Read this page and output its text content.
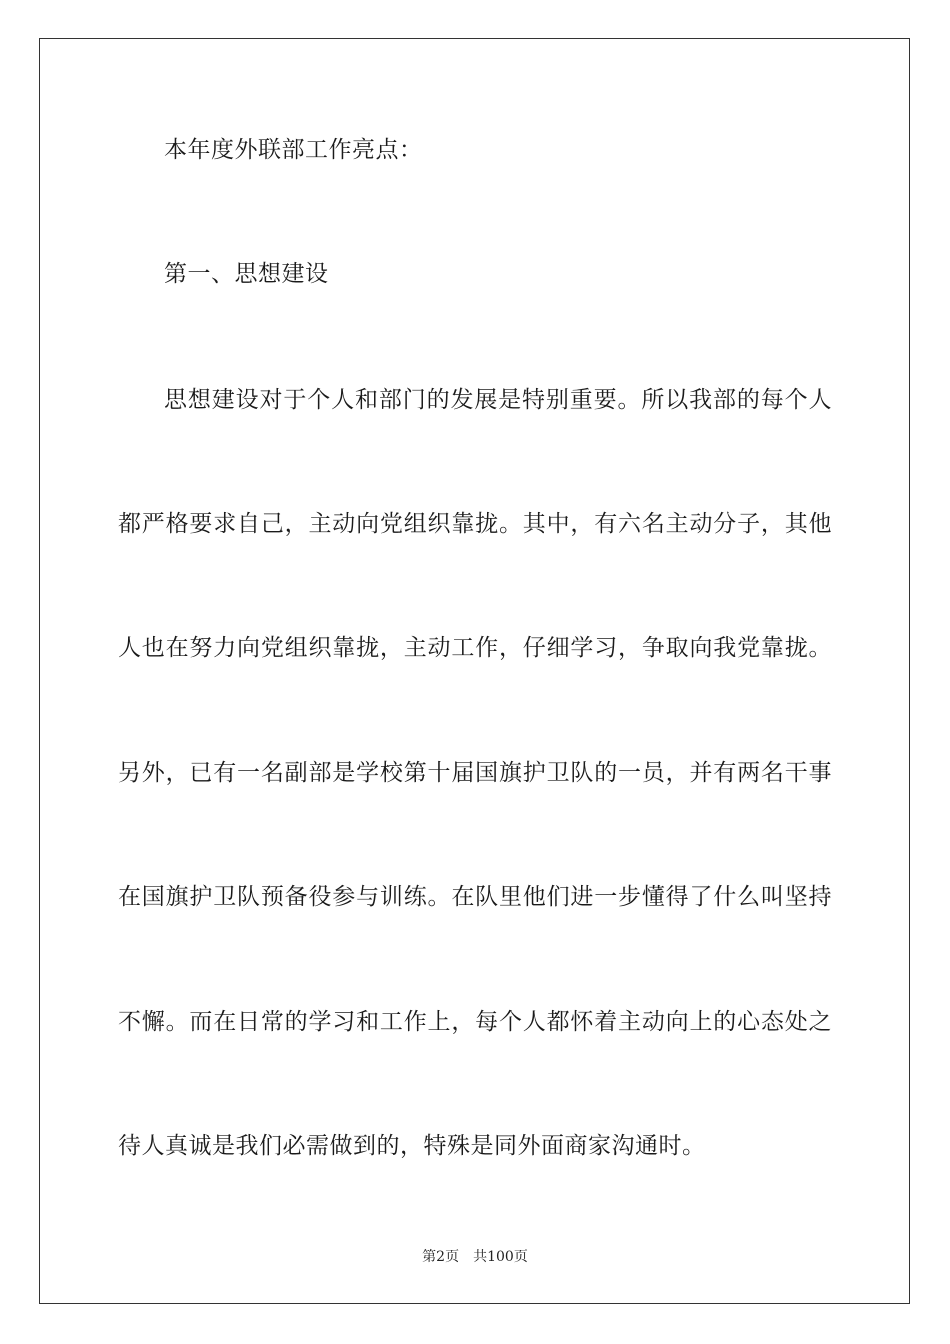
本年度外联部工作亮点：
第一、思想建设
思想建设对于个人和部门的发展是特别重要。所以我部的每个人
都严格要求自己，主动向党组织靠拢。其中，有六名主动分子，其他
人也在努力向党组织靠拢，主动工作，仔细学习，争取向我党靠拢。
另外，已有一名副部是学校第十届国旗护卫队的一员，并有两名干事
在国旗护卫队预备役参与训练。在队里他们进一步懂得了什么叫坚持
不懈。而在日常的学习和工作上，每个人都怀着主动向上的心态处之
待人真诚是我们必需做到的，特殊是同外面商家沟通时。
第2页 共100页
